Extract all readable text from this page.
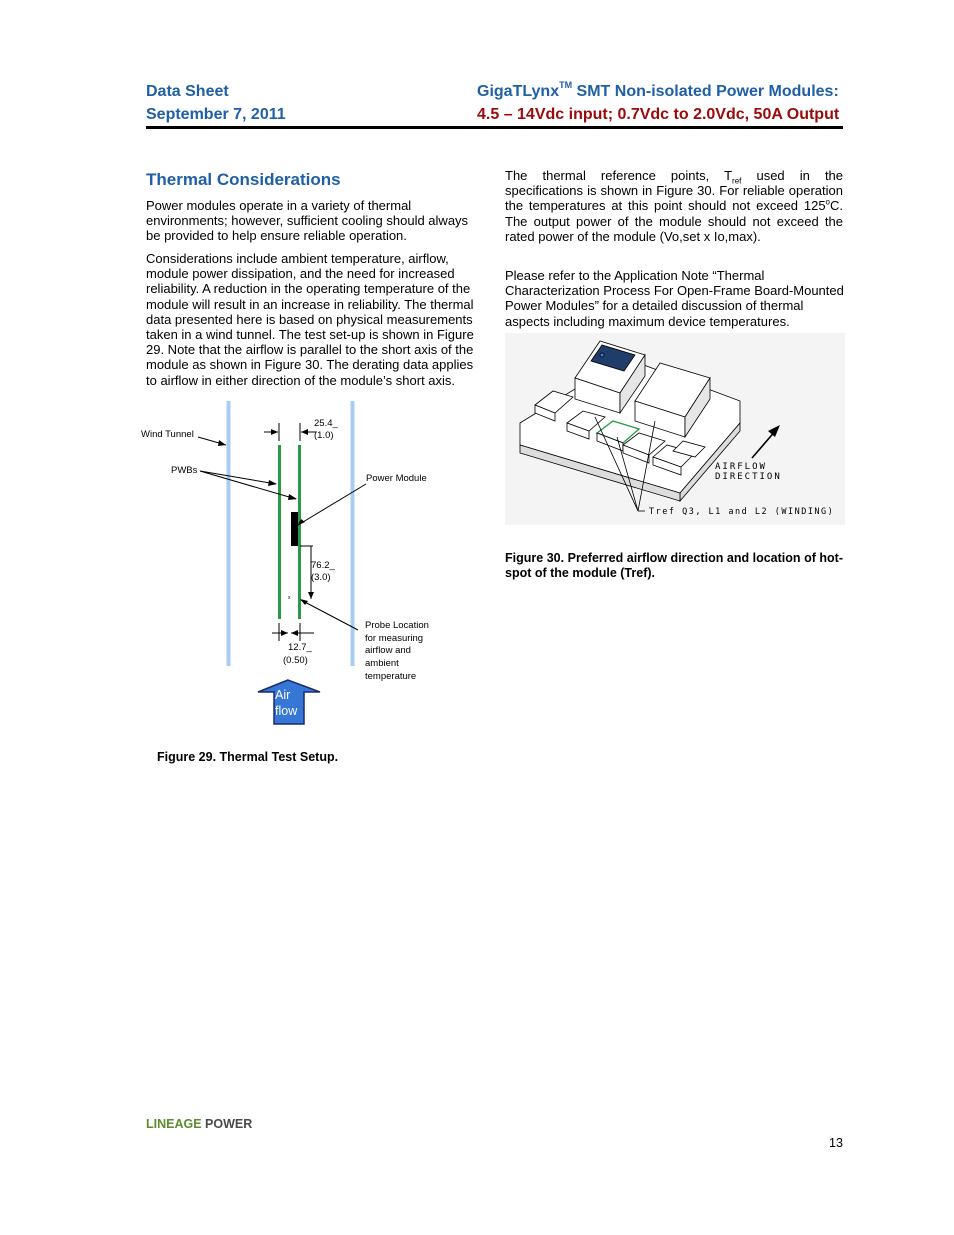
Data Sheet
September 7, 2011
GigaTLynx™ SMT Non-isolated Power Modules:
4.5 – 14Vdc input; 0.7Vdc to 2.0Vdc, 50A Output
Thermal Considerations
Power modules operate in a variety of thermal environments; however, sufficient cooling should always be provided to help ensure reliable operation.
Considerations include ambient temperature, airflow, module power dissipation, and the need for increased reliability. A reduction in the operating temperature of the module will result in an increase in reliability. The thermal data presented here is based on physical measurements taken in a wind tunnel. The test set-up is shown in Figure 29. Note that the airflow is parallel to the short axis of the module as shown in Figure 30. The derating data applies to airflow in either direction of the module’s short axis.
Wind Tunnel
PWBs
Power Module
25.4_
(1.0)
76.2_
(3.0)
12.7_
(0.50)
x
Probe Location
for measuring
airflow and
ambient
temperature
Air
flow
Figure 29. Thermal Test Setup.
The thermal reference points, $T_{ref}$ used in the specifications is shown in Figure 30. For reliable operation the temperatures at this point should not exceed 125$^o$C. The output power of the module should not exceed the rated power of the module (Vo,set x Io,max).
Please refer to the Application Note “Thermal Characterization Process For Open-Frame Board-Mounted Power Modules” for a detailed discussion of thermal aspects including maximum device temperatures.
AIRFLOW
DIRECTION
Tref Q3, L1 and L2 (WINDING)
Figure 30. Preferred airflow direction and location of hot-spot of the module (Tref).
LINEAGE POWER
13
